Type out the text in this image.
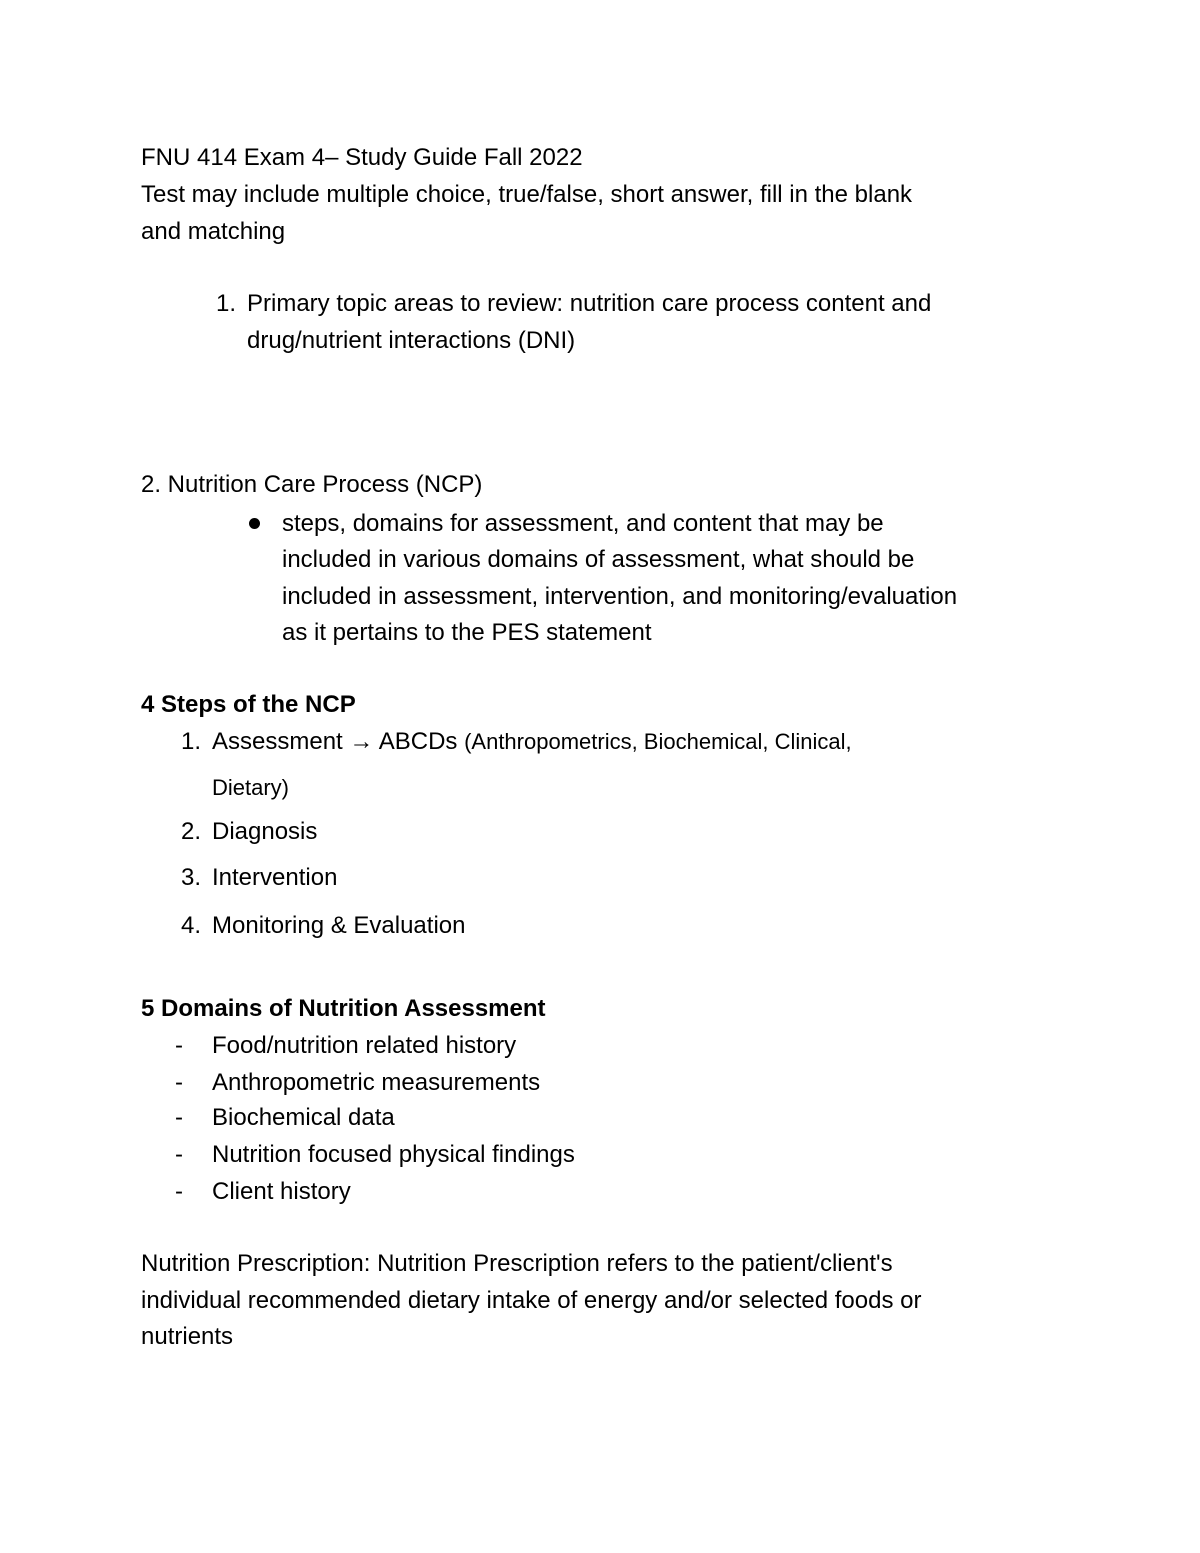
FNU 414 Exam 4– Study Guide Fall 2022

Test may include multiple choice, true/false, short answer, fill in the blank

and matching

1. Primary topic areas to review: nutrition care process content and

drug/nutrient interactions (DNI)

2. Nutrition Care Process (NCP)

steps, domains for assessment, and content that may be

included in various domains of assessment, what should be

included in assessment, intervention, and monitoring/evaluation

as it pertains to the PES statement

4 Steps of the NCP

1. Assessment → ABCDs (Anthropometrics, Biochemical, Clinical,

Dietary)

2. Diagnosis

3. Intervention

4. Monitoring & Evaluation

5 Domains of Nutrition Assessment

- Food/nutrition related history

- Anthropometric measurements

- Biochemical data

- Nutrition focused physical findings

- Client history

Nutrition Prescription: Nutrition Prescription refers to the patient/client's

individual recommended dietary intake of energy and/or selected foods or

nutrients
